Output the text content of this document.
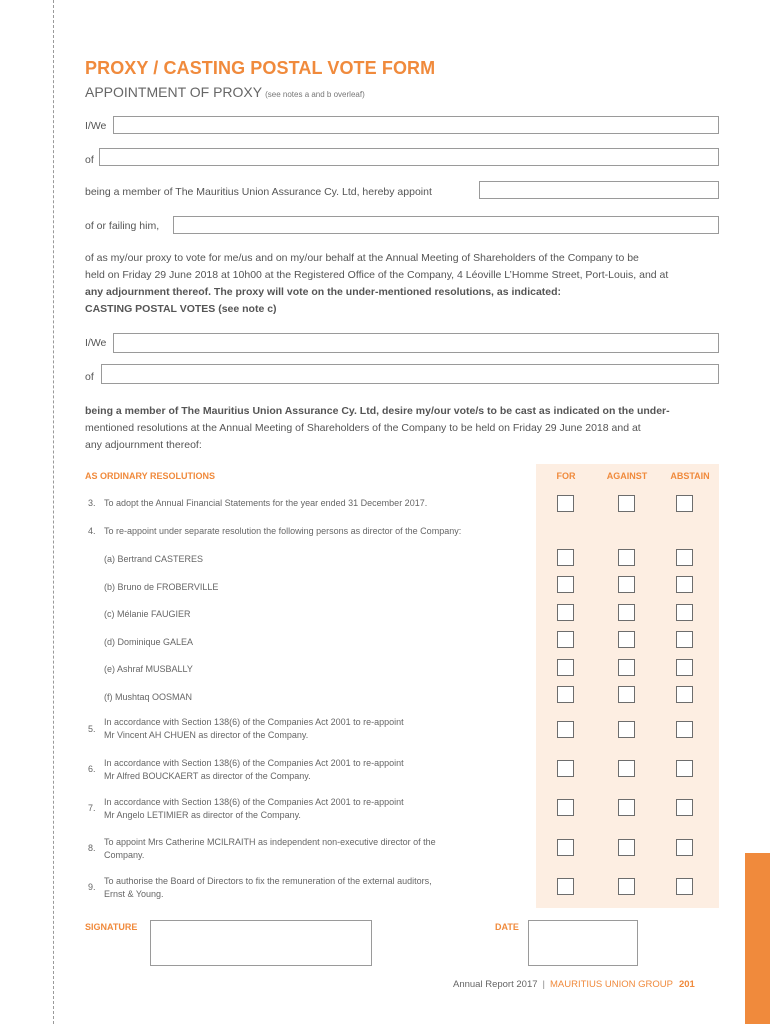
PROXY / CASTING POSTAL VOTE FORM
APPOINTMENT OF PROXY (see notes a and b overleaf)
I/We
of
being a member of The Mauritius Union Assurance Cy. Ltd, hereby appoint
of or failing him,
of as my/our proxy to vote for me/us and on my/our behalf at the Annual Meeting of Shareholders of the Company to be
held on Friday 29 June 2018 at 10h00 at the Registered Office of the Company, 4 Léoville L’Homme Street, Port-Louis, and at
any adjournment thereof. The proxy will vote on the under-mentioned resolutions, as indicated:
CASTING POSTAL VOTES (see note c)
I/We
of
being a member of The Mauritius Union Assurance Cy. Ltd, desire my/our vote/s to be cast as indicated on the under-
mentioned resolutions at the Annual Meeting of Shareholders of the Company to be held on Friday 29 June 2018 and at
any adjournment thereof:
AS ORDINARY RESOLUTIONS	FOR	AGAINST	ABSTAIN
3. To adopt the Annual Financial Statements for the year ended 31 December 2017.
4. To re-appoint under separate resolution the following persons as director of the Company:
(a) Bertrand CASTERES
(b) Bruno de FROBERVILLE
(c) Mélanie FAUGIER
(d) Dominique GALEA
(e) Ashraf MUSBALLY
(f) Mushtaq OOSMAN
5.
In accordance with Section 138(6) of the Companies Act 2001 to re-appoint
Mr Vincent AH CHUEN as director of the Company.
6.
In accordance with Section 138(6) of the Companies Act 2001 to re-appoint
Mr Alfred BOUCKAERT as director of the Company.
7.
In accordance with Section 138(6) of the Companies Act 2001 to re-appoint
Mr Angelo LETIMIER as director of the Company.
8.
To appoint Mrs Catherine MCILRAITH as independent non-executive director of the
Company.
9.
To authorise the Board of Directors to fix the remuneration of the external auditors,
Ernst & Young.
SIGNATURE	DATE
Annual Report 2017 | MAURITIUS UNION GROUP 201
